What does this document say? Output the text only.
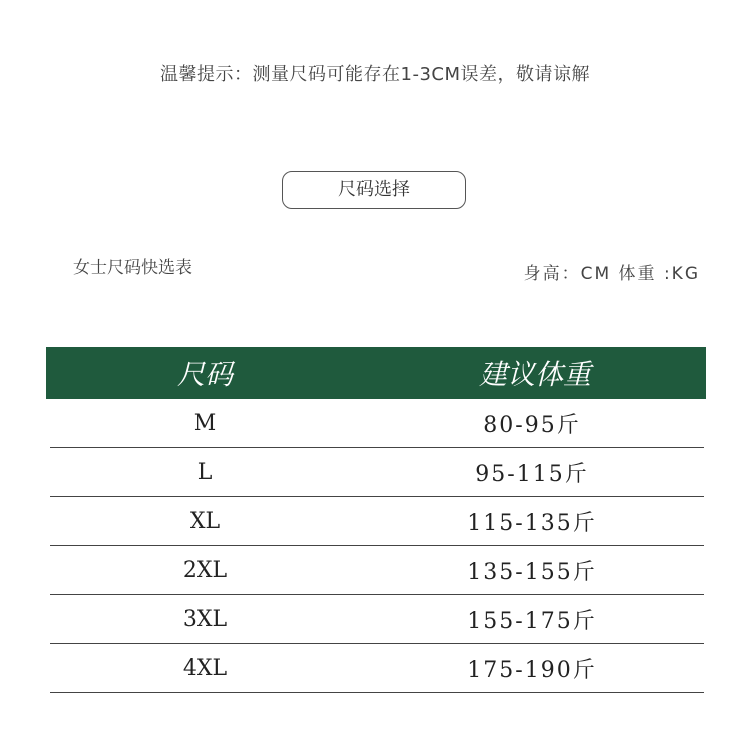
温馨提示：测量尺码可能存在1-3CM误差，敬请谅解
尺码选择
女士尺码快选表	身高：CM 体重 :KG
尺码	建议体重
M	80-95斤
L	95-115斤
XL	115-135斤
2XL	135-155斤
3XL	155-175斤
4XL	175-190斤
